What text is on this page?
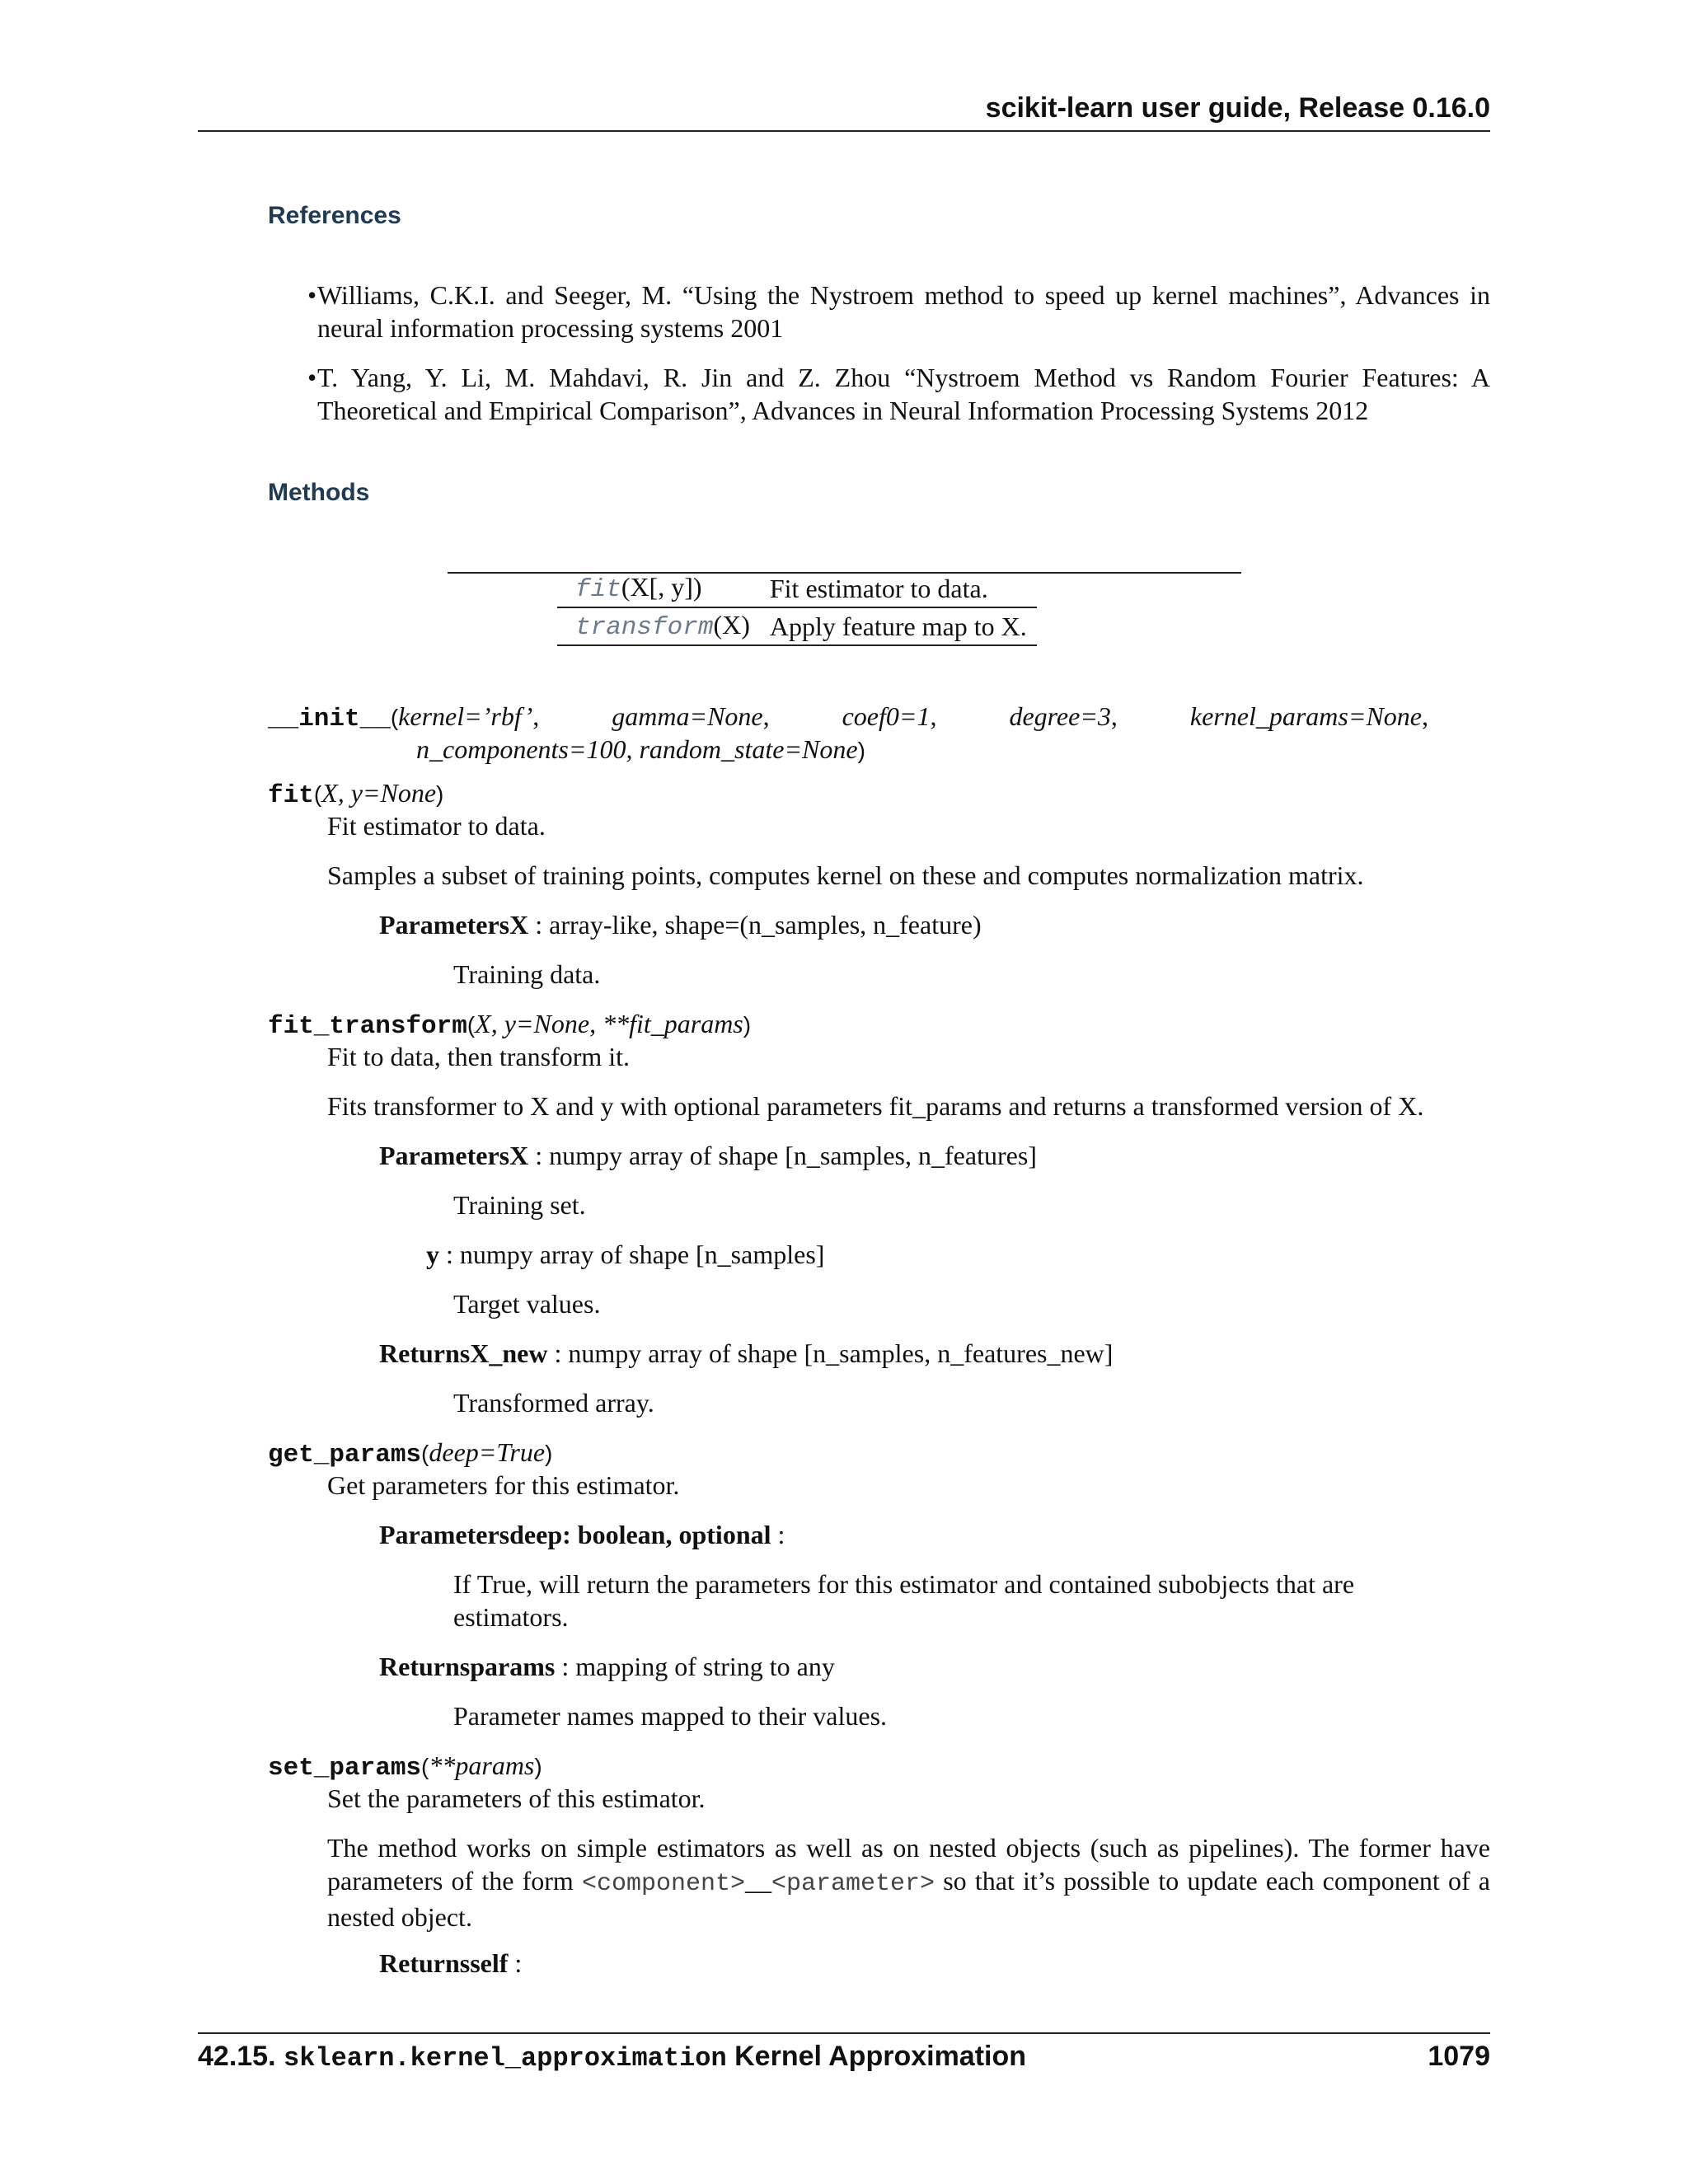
scikit-learn user guide, Release 0.16.0
References
• Williams, C.K.I. and Seeger, M. “Using the Nystroem method to speed up kernel machines”, Advances in neural information processing systems 2001
• T. Yang, Y. Li, M. Mahdavi, R. Jin and Z. Zhou “Nystroem Method vs Random Fourier Features: A Theoretical and Empirical Comparison”, Advances in Neural Information Processing Systems 2012
Methods
fit(X[, y])	Fit estimator to data.
transform(X)	Apply feature map to X.
__init__(kernel=’rbf’,	gamma=None,	coef0=1,	degree=3,	kernel_params=None,
n_components=100, random_state=None)
fit(X, y=None)
Fit estimator to data.
Samples a subset of training points, computes kernel on these and computes normalization matrix.
ParametersX : array-like, shape=(n_samples, n_feature)
Training data.
fit_transform(X, y=None, **fit_params)
Fit to data, then transform it.
Fits transformer to X and y with optional parameters fit_params and returns a transformed version of X.
ParametersX : numpy array of shape [n_samples, n_features]
Training set.
y : numpy array of shape [n_samples]
Target values.
ReturnsX_new : numpy array of shape [n_samples, n_features_new]
Transformed array.
get_params(deep=True)
Get parameters for this estimator.
Parametersdeep: boolean, optional :
If True, will return the parameters for this estimator and contained subobjects that are estimators.
Returnsparams : mapping of string to any
Parameter names mapped to their values.
set_params(**params)
Set the parameters of this estimator.
The method works on simple estimators as well as on nested objects (such as pipelines). The former have parameters of the form <component>__<parameter> so that it’s possible to update each component of a nested object.
Returnsself :
42.15. sklearn.kernel_approximation Kernel Approximation	1079
